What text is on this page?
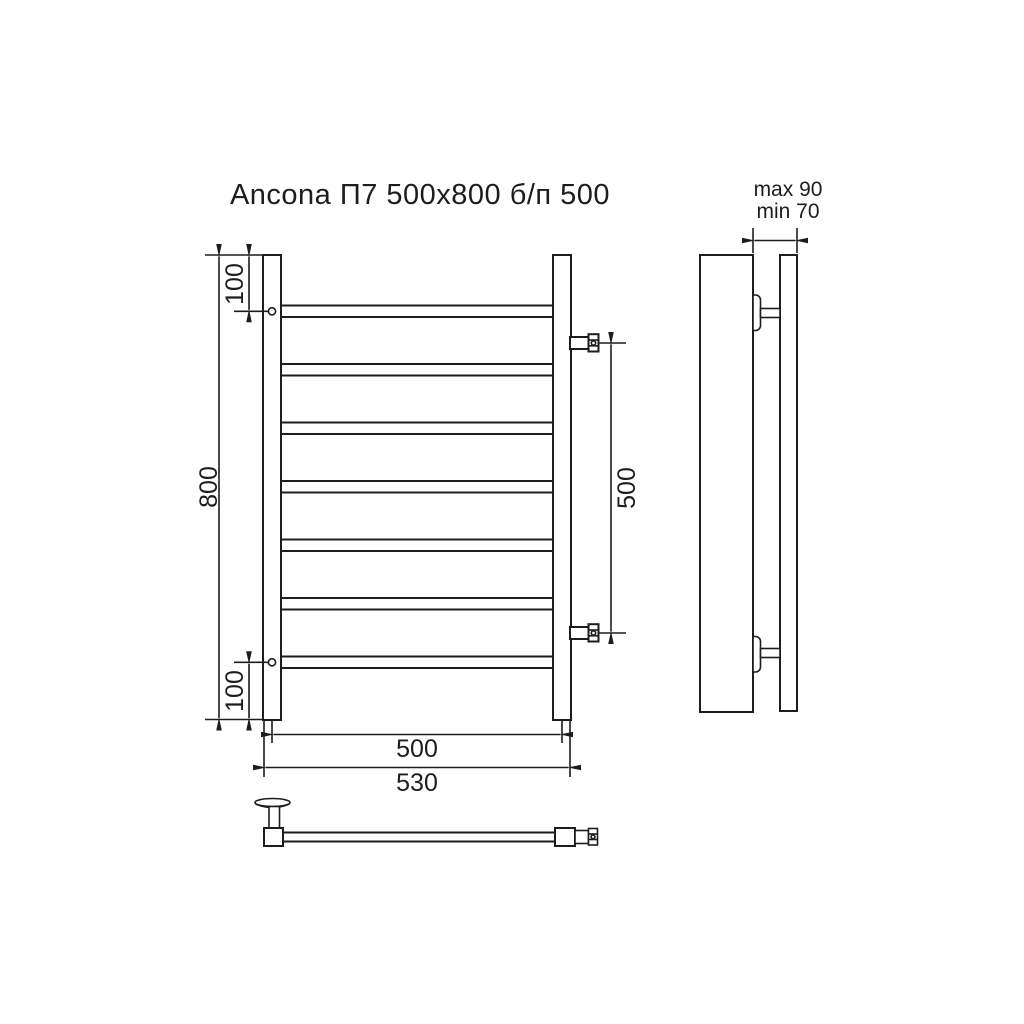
Ancona П7 500x800 б/п 500
800
100
100
500
500
530
max 90
min 70
